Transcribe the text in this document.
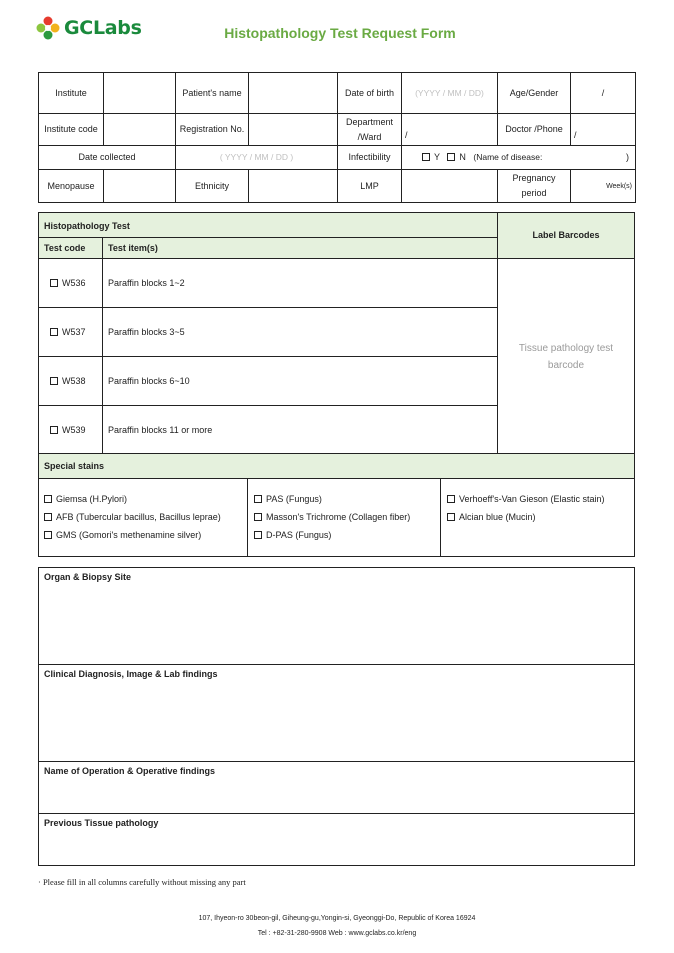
GCLabs	Histopathology Test Request Form
Institute		Patient's name		Date of birth	(YYYY / MM / DD)	Age/Gender	/
Institute code		Registration No.		Department /Ward	/	Doctor /Phone	/
Date collected		( YYYY / MM / DD )		Infectibility	Y N (Name of disease: )		

Menopause		Ethnicity		LMP		Pregnancy period	Week(s)
Histopathology Test
Test code	Test item(s)
Label Barcodes
Tissue pathology test barcode
W536 Paraffin blocks 1~2
W537 Paraffin blocks 3~5
W538 Paraffin blocks 6~10
W539 Paraffin blocks 11 or more
Special stains
Giemsa (H.Pylori)
AFB (Tubercular bacillus, Bacillus leprae)
GMS (Gomori's methenamine silver)
PAS (Fungus)
Masson's Trichrome (Collagen fiber)
D-PAS (Fungus)
Verhoeff's-Van Gieson (Elastic stain)
Alcian blue (Mucin)
Organ & Biopsy Site
Clinical Diagnosis, Image & Lab findings
Name of Operation & Operative findings
Previous Tissue pathology
· Please fill in all columns carefully without missing any part
107, Ihyeon-ro 30beon-gil, Giheung-gu,Yongin-si, Gyeonggi-Do, Republic of Korea 16924
Tel : +82-31-280-9908 Web : www.gclabs.co.kr/eng
